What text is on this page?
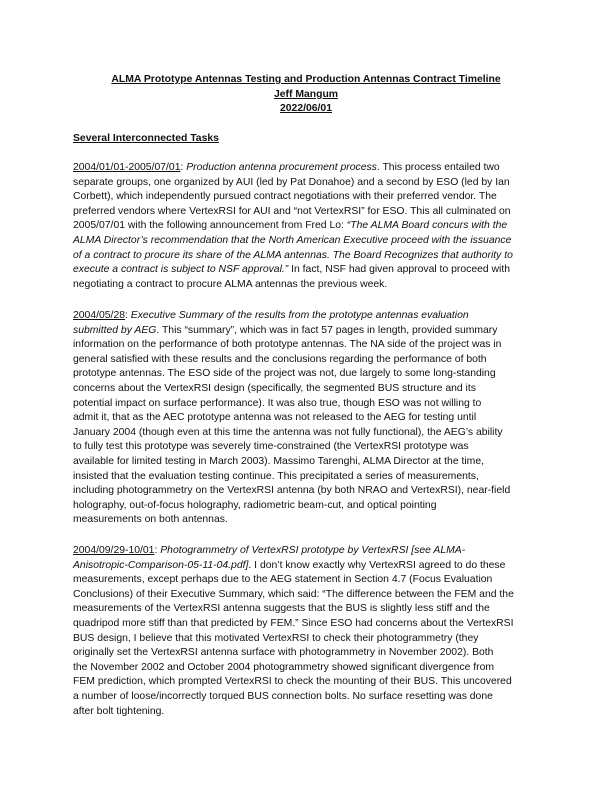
ALMA Prototype Antennas Testing and Production Antennas Contract Timeline
Jeff Mangum
2022/06/01
Several Interconnected Tasks
2004/01/01-2005/07/01: Production antenna procurement process. This process entailed two
separate groups, one organized by AUI (led by Pat Donahoe) and a second by ESO (led by Ian
Corbett), which independently pursued contract negotiations with their preferred vendor. The
preferred vendors where VertexRSI for AUI and “not VertexRSI” for ESO. This all culminated on
2005/07/01 with the following announcement from Fred Lo: “The ALMA Board concurs with the
ALMA Director’s recommendation that the North American Executive proceed with the issuance
of a contract to procure its share of the ALMA antennas. The Board Recognizes that authority to
execute a contract is subject to NSF approval.” In fact, NSF had given approval to proceed with
negotiating a contract to procure ALMA antennas the previous week.
2004/05/28: Executive Summary of the results from the prototype antennas evaluation
submitted by AEG. This “summary”, which was in fact 57 pages in length, provided summary
information on the performance of both prototype antennas. The NA side of the project was in
general satisfied with these results and the conclusions regarding the performance of both
prototype antennas. The ESO side of the project was not, due largely to some long-standing
concerns about the VertexRSI design (specifically, the segmented BUS structure and its
potential impact on surface performance). It was also true, though ESO was not willing to
admit it, that as the AEC prototype antenna was not released to the AEG for testing until
January 2004 (though even at this time the antenna was not fully functional), the AEG’s ability
to fully test this prototype was severely time-constrained (the VertexRSI prototype was
available for limited testing in March 2003). Massimo Tarenghi, ALMA Director at the time,
insisted that the evaluation testing continue. This precipitated a series of measurements,
including photogrammetry on the VertexRSI antenna (by both NRAO and VertexRSI), near-field
holography, out-of-focus holography, radiometric beam-cut, and optical pointing
measurements on both antennas.
2004/09/29-10/01: Photogrammetry of VertexRSI prototype by VertexRSI [see ALMA-
Anisotropic-Comparison-05-11-04.pdf]. I don’t know exactly why VertexRSI agreed to do these
measurements, except perhaps due to the AEG statement in Section 4.7 (Focus Evaluation
Conclusions) of their Executive Summary, which said: “The difference between the FEM and the
measurements of the VertexRSI antenna suggests that the BUS is slightly less stiff and the
quadripod more stiff than that predicted by FEM.” Since ESO had concerns about the VertexRSI
BUS design, I believe that this motivated VertexRSI to check their photogrammetry (they
originally set the VertexRSI antenna surface with photogrammetry in November 2002). Both
the November 2002 and October 2004 photogrammetry showed significant divergence from
FEM prediction, which prompted VertexRSI to check the mounting of their BUS. This uncovered
a number of loose/incorrectly torqued BUS connection bolts. No surface resetting was done
after bolt tightening.
